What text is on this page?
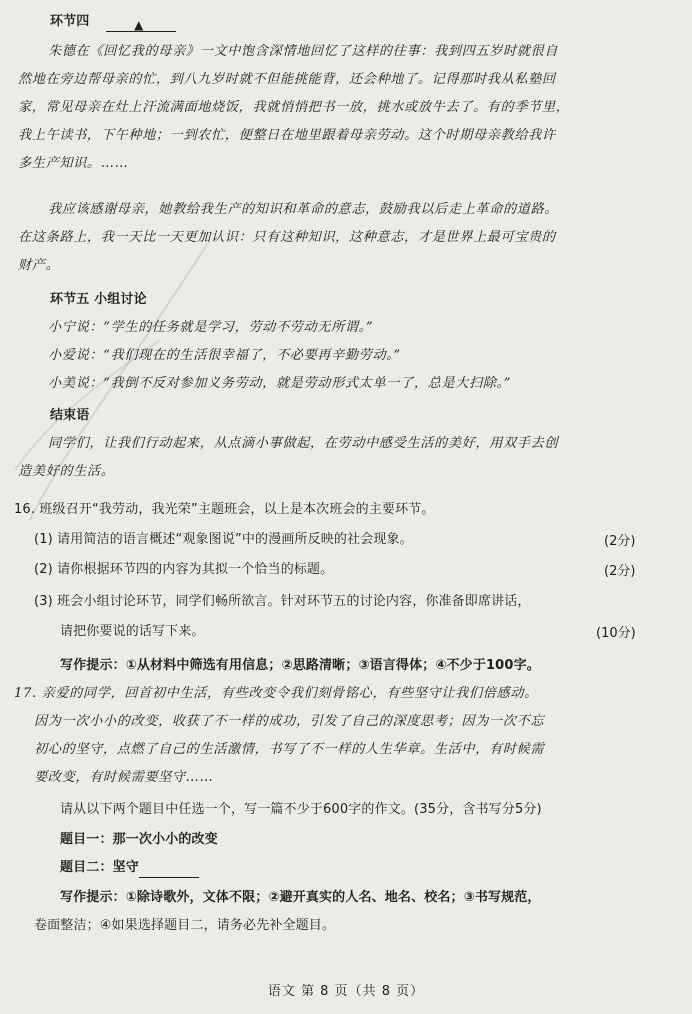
环节四	▲
朱德在《回忆我的母亲》一文中饱含深情地回忆了这样的往事：我到四五岁时就很自
然地在旁边帮母亲的忙，到八九岁时就不但能挑能背，还会种地了。记得那时我从私塾回
家，常见母亲在灶上汗流满面地烧饭，我就悄悄把书一放，挑水或放牛去了。有的季节里，
我上午读书，下午种地；一到农忙，便整日在地里跟着母亲劳动。这个时期母亲教给我许
多生产知识。……
我应该感谢母亲，她教给我生产的知识和革命的意志，鼓励我以后走上革命的道路。
在这条路上，我一天比一天更加认识：只有这种知识，这种意志，才是世界上最可宝贵的
财产。
环节五 小组讨论
小宁说：“学生的任务就是学习，劳动不劳动无所谓。”
小爱说：“我们现在的生活很幸福了，不必要再辛勤劳动。”
小美说：“我倒不反对参加义务劳动，就是劳动形式太单一了，总是大扫除。”
结束语
同学们，让我们行动起来，从点滴小事做起，在劳动中感受生活的美好，用双手去创
造美好的生活。
16. 班级召开“我劳动，我光荣”主题班会，以上是本次班会的主要环节。
(1) 请用简洁的语言概述“观象图说”中的漫画所反映的社会现象。	(2分)
(2) 请你根据环节四的内容为其拟一个恰当的标题。	(2分)
(3) 班会小组讨论环节，同学们畅所欲言。针对环节五的讨论内容，你准备即席讲话，
请把你要说的话写下来。	(10分)
写作提示：①从材料中筛选有用信息；②思路清晰；③语言得体；④不少于100字。
17. 亲爱的同学，回首初中生活，有些改变令我们刻骨铭心，有些坚守让我们倍感动。
因为一次小小的改变，收获了不一样的成功，引发了自己的深度思考；因为一次不忘
初心的坚守，点燃了自己的生活激情，书写了不一样的人生华章。生活中，有时候需
要改变，有时候需要坚守……
请从以下两个题目中任选一个，写一篇不少于600字的作文。(35分，含书写分5分)
题目一：那一次小小的改变
题目二：坚守
写作提示：①除诗歌外，文体不限；②避开真实的人名、地名、校名；③书写规范，
卷面整洁；④如果选择题目二，请务必先补全题目。
语文 第 8 页（共 8 页）
